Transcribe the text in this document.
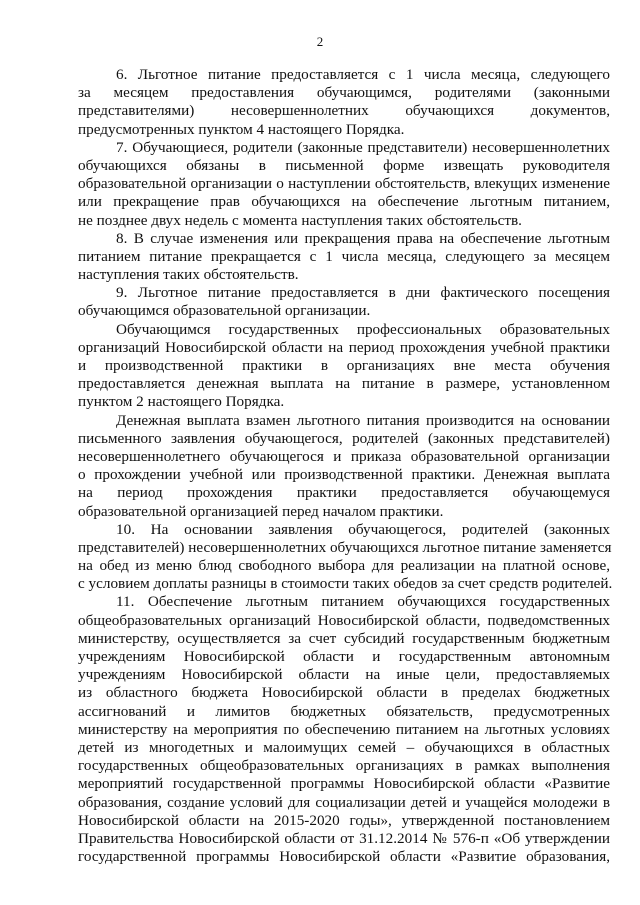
2
6. Льготное питание предоставляется с 1 числа месяца, следующего
за месяцем предоставления обучающимся, родителями (законными
представителями) несовершеннолетних обучающихся документов,
предусмотренных пунктом 4 настоящего Порядка.
7. Обучающиеся, родители (законные представители) несовершеннолетних
обучающихся обязаны в письменной форме извещать руководителя
образовательной организации о наступлении обстоятельств, влекущих изменение
или прекращение прав обучающихся на обеспечение льготным питанием,
не позднее двух недель с момента наступления таких обстоятельств.
8. В случае изменения или прекращения права на обеспечение льготным
питанием питание прекращается с 1 числа месяца, следующего за месяцем
наступления таких обстоятельств.
9. Льготное питание предоставляется в дни фактического посещения
обучающимся образовательной организации.
Обучающимся государственных профессиональных образовательных
организаций Новосибирской области на период прохождения учебной практики
и производственной практики в организациях вне места обучения
предоставляется денежная выплата на питание в размере, установленном
пунктом 2 настоящего Порядка.
Денежная выплата взамен льготного питания производится на основании
письменного заявления обучающегося, родителей (законных представителей)
несовершеннолетнего обучающегося и приказа образовательной организации
о прохождении учебной или производственной практики. Денежная выплата
на период прохождения практики предоставляется обучающемуся
образовательной организацией перед началом практики.
10. На основании заявления обучающегося, родителей (законных
представителей) несовершеннолетних обучающихся льготное питание заменяется
на обед из меню блюд свободного выбора для реализации на платной основе,
с условием доплаты разницы в стоимости таких обедов за счет средств родителей.
11. Обеспечение льготным питанием обучающихся государственных
общеобразовательных организаций Новосибирской области, подведомственных
министерству, осуществляется за счет субсидий государственным бюджетным
учреждениям Новосибирской области и государственным автономным
учреждениям Новосибирской области на иные цели, предоставляемых
из областного бюджета Новосибирской области в пределах бюджетных
ассигнований и лимитов бюджетных обязательств, предусмотренных
министерству на мероприятия по обеспечению питанием на льготных условиях
детей из многодетных и малоимущих семей – обучающихся в областных
государственных общеобразовательных организациях в рамках выполнения
мероприятий государственной программы Новосибирской области «Развитие
образования, создание условий для социализации детей и учащейся молодежи в
Новосибирской области на 2015-2020 годы», утвержденной постановлением
Правительства Новосибирской области от 31.12.2014 № 576-п «Об утверждении
государственной программы Новосибирской области «Развитие образования,
